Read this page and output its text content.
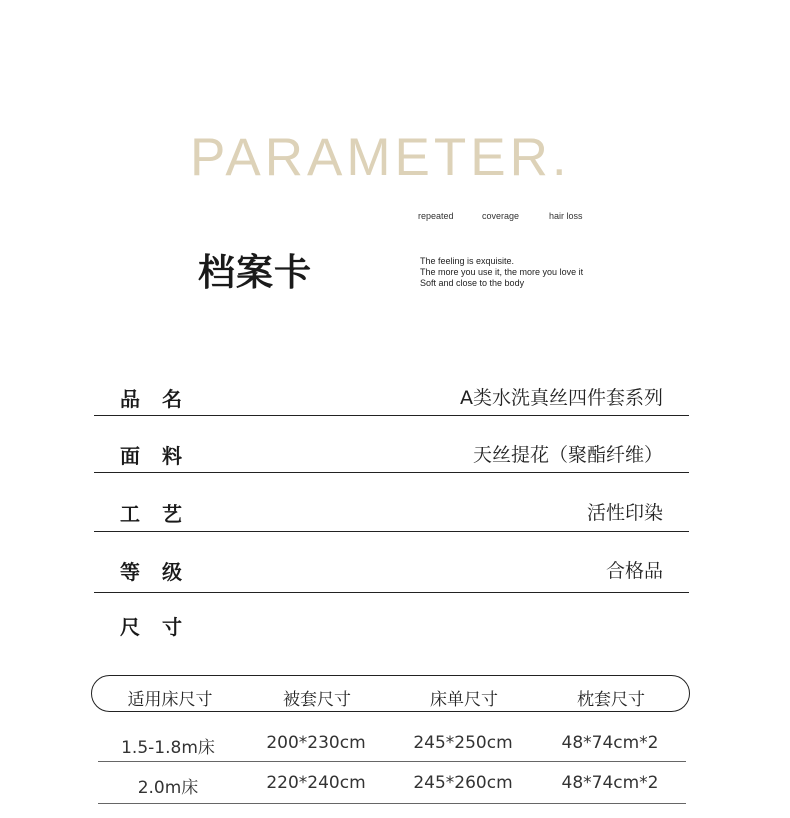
PARAMETER.
repeated	coverage	hair loss
档案卡	The feeling is exquisite.
The more you use it, the more you love it
Soft and close to the body
品名	A类水洗真丝四件套系列
面料	天丝提花（聚酯纤维）
工艺	活性印染
等级	合格品
尺寸
适用床尺寸	被套尺寸	床单尺寸	枕套尺寸
1.5-1.8m床	200*230cm	245*250cm	48*74cm*2
2.0m床	220*240cm	245*260cm	48*74cm*2
